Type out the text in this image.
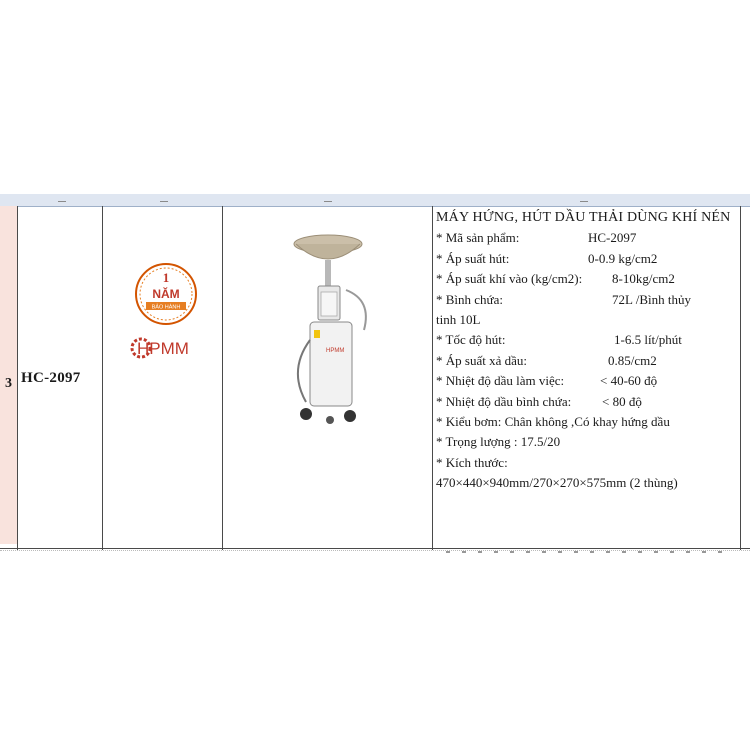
3 HC-2097
1
NĂM
BẢO HÀNH
HPMM	HPMM
MÁY HỨNG, HÚT DẦU THẢI DÙNG KHÍ NÉN
* Mã sản phẩm:	HC-2097
* Áp suất hút:	0-0.9 kg/cm2
* Áp suất khí vào (kg/cm2): 8-10kg/cm2
* Bình chứa:	72L /Bình thủy
tinh 10L
* Tốc độ hút:	1-6.5 lít/phút
* Áp suất xả dầu:	0.85/cm2
* Nhiệt độ dầu làm việc:	< 40-60 độ
* Nhiệt độ dầu bình chứa: < 80 độ
* Kiểu bơm: Chân không ,Có khay hứng dầu
* Trọng lượng : 17.5/20
* Kích thước:
470×440×940mm/270×270×575mm (2 thùng)
